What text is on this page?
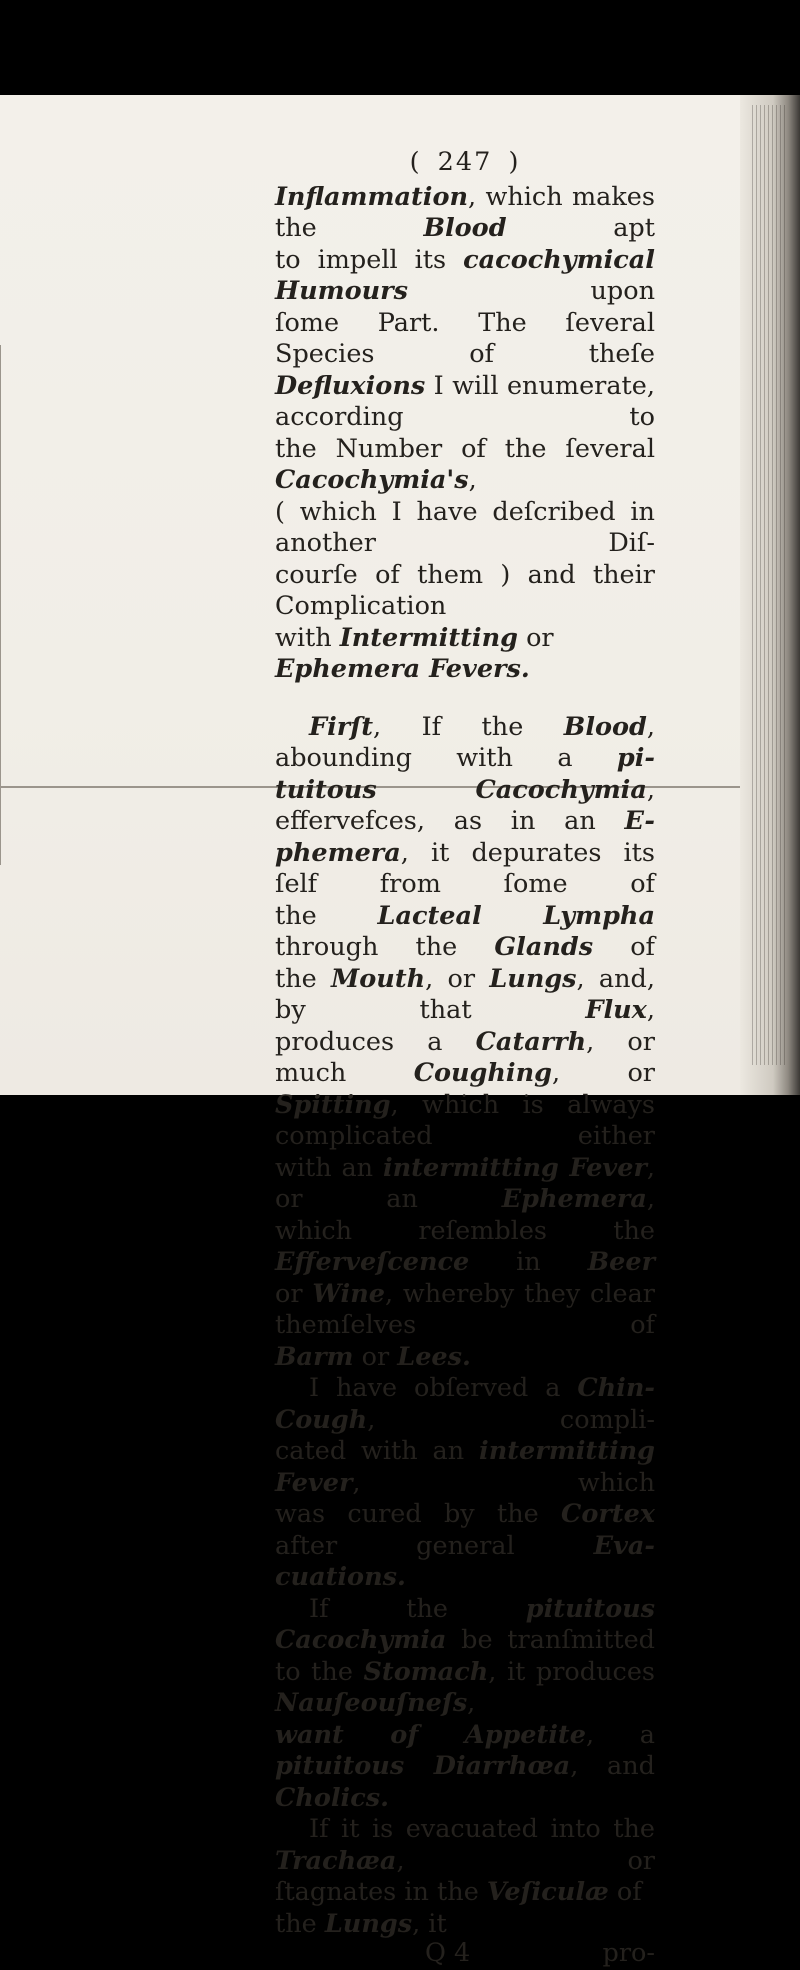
( 247 )
Inflammation, which makes the Blood apt
to impell its cacochymical Humours upon
ſome Part. The ſeveral Species of theſe
Defluxions I will enumerate, according to
the Number of the ſeveral Cacochymia's,
( which I have deſcribed in another Diſ-
courſe of them ) and their Complication
with Intermitting or Ephemera Fevers.
Firſt, If the Blood, abounding with a pi-
tuitous Cacochymia, effervefces, as in an E-
phemera, it depurates its ſelf from ſome of
the Lacteal Lympha through the Glands of
the Mouth, or Lungs, and, by that Flux,
produces a Catarrh, or much Coughing, or
Spitting, which is always complicated either
with an intermitting Fever, or an Ephemera,
which reſembles the Efferveſcence in Beer
or Wine, whereby they clear themſelves of
Barm or Lees.
I have obſerved a Chin-Cough, compli-
cated with an intermitting Fever, which
was cured by the Cortex after general Eva-
cuations.
If the pituitous Cacochymia be tranſmitted
to the Stomach, it produces Nauſeouſneſs,
want of Appetite, a pituitous Diarrhœa, and
Cholics.
If it is evacuated into the Trachæa, or
ſtagnates in the Veſiculæ of the Lungs, it
Q 4	pro-
